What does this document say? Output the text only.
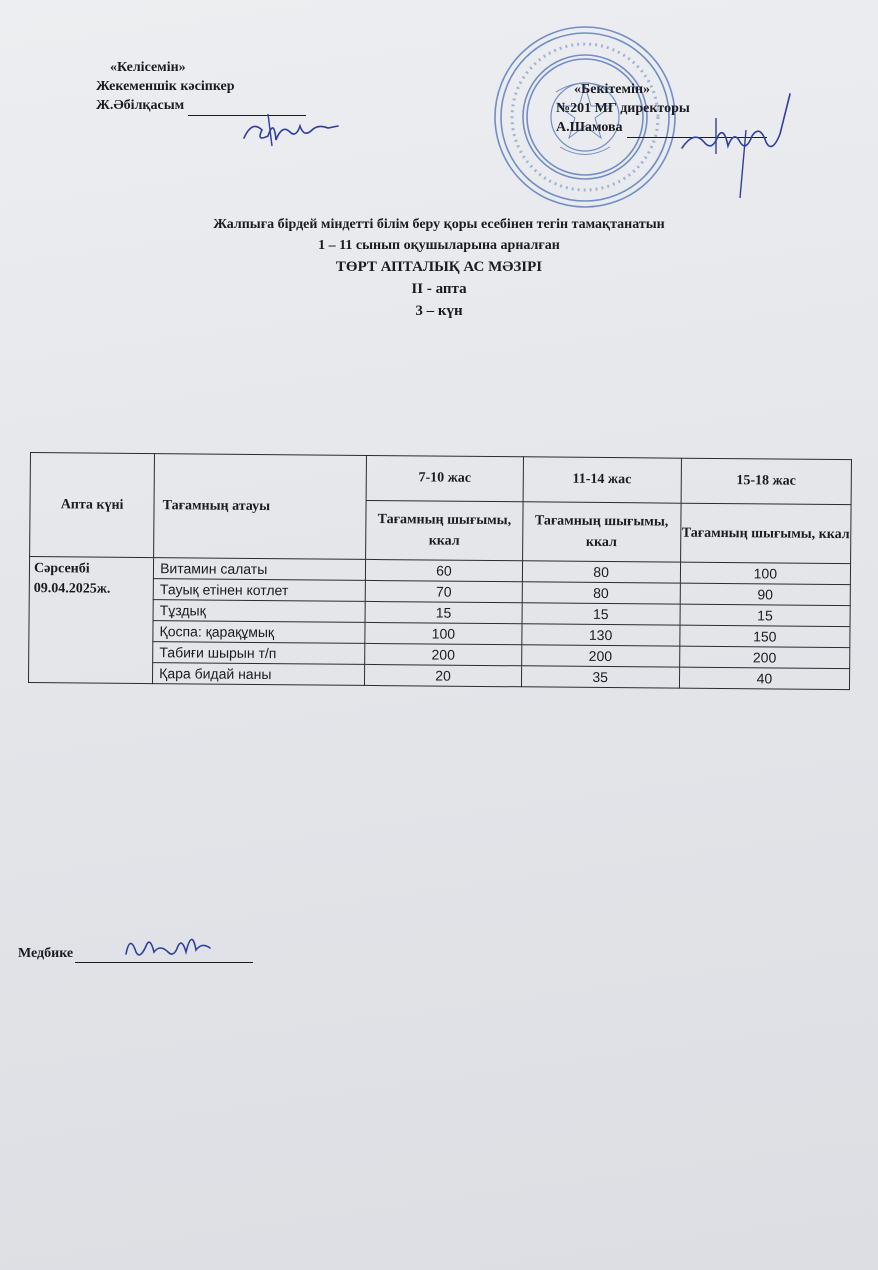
«Келісемін»
Жекеменшік кәсіпкер
Ж.Әбілқасым
«Бекітемін»
№201 МГ директоры
А.Шамова
Жалпыға бірдей міндетті білім беру қоры есебінен тегін тамақтанатын
1 – 11 сынып оқушыларына арналған
ТӨРТ АПТАЛЫҚ АС МӘЗІРІ
II - апта
3 – күн
Апта күні	Тағамның атауы	7-10 жас	11-14 жас	15-18 жас
		Тағамның шығымы, ккал	Тағамның шығымы, ккал	Тағамның шығымы, ккал

Сәрсенбі
09.04.2025ж.	Витамин салаты	60	80	100
	Тауық етінен котлет	70	80	90
	Тұздық	15	15	15
	Қоспа: қарақұмық	100	130	150
	Табиғи шырын т/п	200	200	200
	Қара бидай наны	20	35	40
Медбике
